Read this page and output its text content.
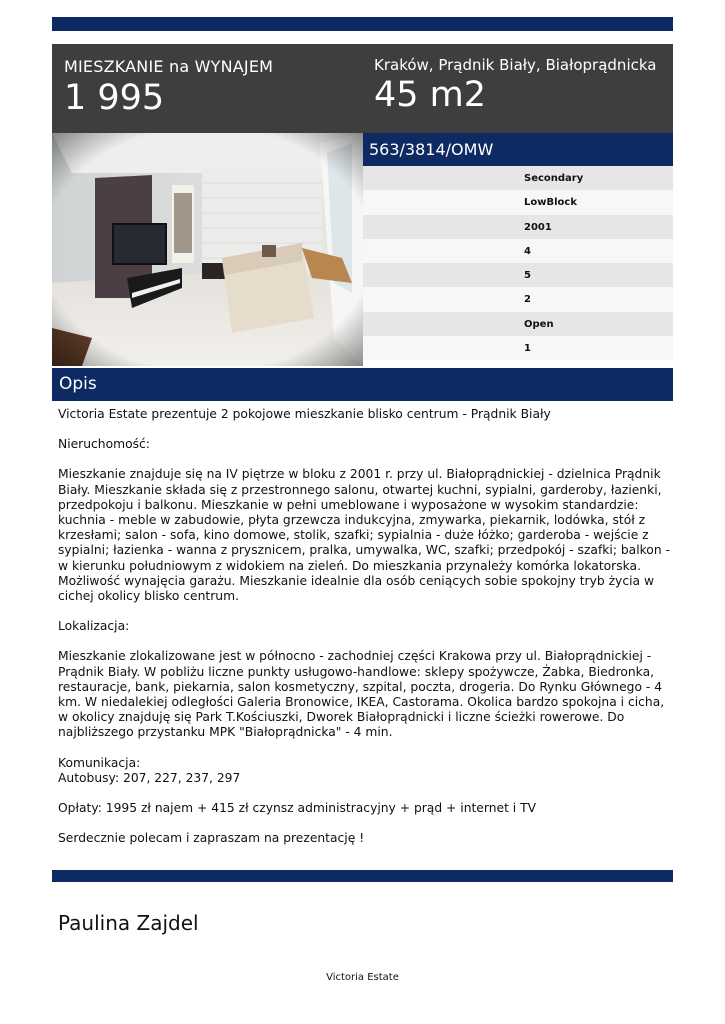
MIESZKANIE na WYNAJEM
1 995
Kraków, Prądnik Biały, Białoprądnicka
45 m2
563/3814/OMW
Secondary
LowBlock
2001
4
5
2
Open
1
Opis

Victoria Estate prezentuje 2 pokojowe mieszkanie blisko centrum - Prądnik Biały

Nieruchomość:

Mieszkanie znajduje się na IV piętrze w bloku z 2001 r. przy ul. Białoprądnickiej - dzielnica Prądnik Biały. Mieszkanie składa się z przestronnego salonu, otwartej kuchni, sypialni, garderoby, łazienki, przedpokoju i balkonu. Mieszkanie w pełni umeblowane i wyposażone w wysokim standardzie: kuchnia - meble w zabudowie, płyta grzewcza indukcyjna, zmywarka, piekarnik, lodówka, stół z krzesłami; salon - sofa, kino domowe, stolik, szafki; sypialnia - duże łóżko; garderoba - wejście z sypialni; łazienka - wanna z prysznicem, pralka, umywalka, WC, szafki; przedpokój - szafki; balkon - w kierunku południowym z widokiem na zieleń. Do mieszkania przynależy komórka lokatorska. Możliwość wynajęcia garażu. Mieszkanie idealnie dla osób ceniących sobie spokojny tryb życia w cichej okolicy blisko centrum.

Lokalizacja:

Mieszkanie zlokalizowane jest w północno - zachodniej części Krakowa przy ul. Białoprądnickiej - Prądnik Biały. W pobliżu liczne punkty usługowo-handlowe: sklepy spożywcze, Żabka, Biedronka, restauracje, bank, piekarnia, salon kosmetyczny, szpital, poczta, drogeria. Do Rynku Głównego - 4 km. W niedalekiej odległości Galeria Bronowice, IKEA, Castorama. Okolica bardzo spokojna i cicha, w okolicy znajduję się Park T.Kościuszki, Dworek Białoprądnicki i liczne ścieżki rowerowe. Do najbliższego przystanku MPK "Białoprądnicka" - 4 min.

Komunikacja:

Autobusy: 207, 227, 237, 297

Opłaty: 1995 zł najem + 415 zł czynsz administracyjny + prąd + internet i TV

Serdecznie polecam i zapraszam na prezentację !

Paulina Zajdel
Victoria Estate
